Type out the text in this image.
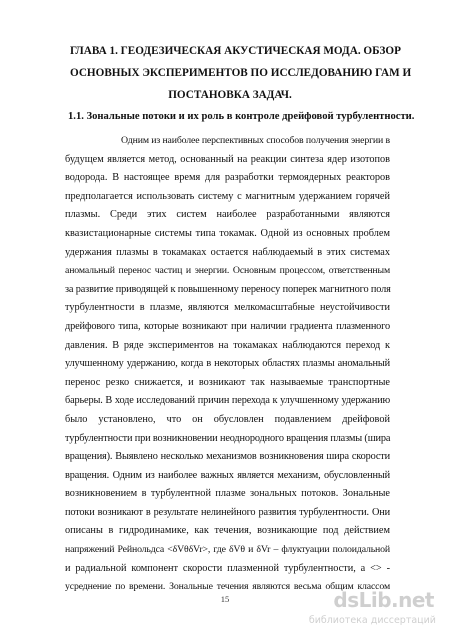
ГЛАВА 1. ГЕОДЕЗИЧЕСКАЯ АКУСТИЧЕСКАЯ МОДА. ОБЗОР
ОСНОВНЫХ ЭКСПЕРИМЕНТОВ ПО ИССЛЕДОВАНИЮ ГАМ И
ПОСТАНОВКА ЗАДАЧ.

1.1. Зональные потоки и их роль в контроле дрейфовой турбулентности.

Одним из наиболее перспективных способов получения энергии в
будущем является метод, основанный на реакции синтеза ядер изотопов
водорода. В настоящее время для разработки термоядерных реакторов
предполагается использовать систему с магнитным удержанием горячей
плазмы. Среди этих систем наиболее разработанными являются
квазистационарные системы типа токамак. Одной из основных проблем
удержания плазмы в токамаках остается наблюдаемый в этих системах
аномальный перенос частиц и энергии. Основным процессом, ответственным
за развитие приводящей к повышенному переносу поперек магнитного поля
турбулентности в плазме, являются мелкомасштабные неустойчивости
дрейфового типа, которые возникают при наличии градиента плазменного
давления. В ряде экспериментов на токамаках наблюдаются переход к
улучшенному удержанию, когда в некоторых областях плазмы аномальный
перенос резко снижается, и возникают так называемые транспортные
барьеры. В ходе исследований причин перехода к улучшенному удержанию
было установлено, что он обусловлен подавлением дрейфовой
турбулентности при возникновении неоднородного вращения плазмы (шира
вращения). Выявлено несколько механизмов возникновения шира скорости
вращения. Одним из наиболее важных является механизм, обусловленный
возникновением в турбулентной плазме зональных потоков. Зональные
потоки возникают в результате нелинейного развития турбулентности. Они
описаны в гидродинамике, как течения, возникающие под действием
напряжений Рейнольдса <δVθδVr>, где δVθ и δVr – флуктуации полоидальной
и радиальной компонент скорости плазменной турбулентности, а <> -
усреднение по времени. Зональные течения являются весьма общим классом
15	dsLib.net
библиотека диссертаций
